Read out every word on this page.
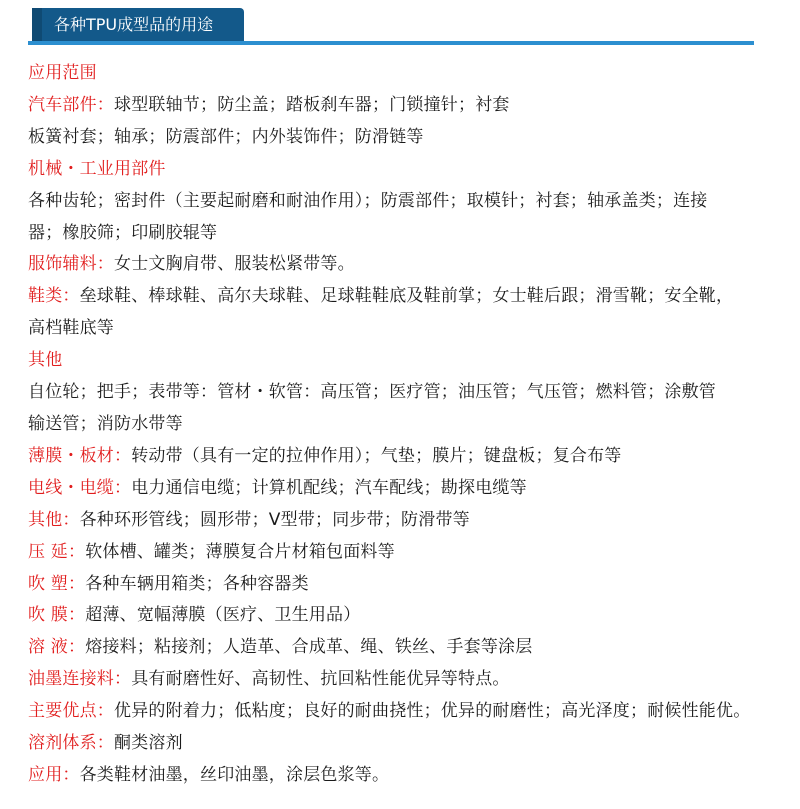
各种TPU成型品的用途
应用范围
汽车部件：球型联轴节；防尘盖；踏板刹车器；门锁撞针；衬套
板簧衬套；轴承；防震部件；内外装饰件；防滑链等
机械・工业用部件
各种齿轮；密封件（主要起耐磨和耐油作用）；防震部件；取模针；衬套；轴承盖类；连接
器；橡胶筛；印刷胶辊等
服饰辅料：女士文胸肩带、服装松紧带等。
鞋类：垒球鞋、棒球鞋、高尔夫球鞋、足球鞋鞋底及鞋前掌；女士鞋后跟；滑雪靴；安全靴，
高档鞋底等
其他
自位轮；把手；表带等：管材・软管：高压管；医疗管；油压管；气压管；燃料管；涂敷管
输送管；消防水带等
薄膜・板材：转动带（具有一定的拉伸作用）；气垫；膜片；键盘板；复合布等
电线・电缆：电力通信电缆；计算机配线；汽车配线；勘探电缆等
其他：各种环形管线；圆形带；V型带；同步带；防滑带等
压 延：软体槽、罐类；薄膜复合片材箱包面料等
吹 塑：各种车辆用箱类；各种容器类
吹 膜：超薄、宽幅薄膜（医疗、卫生用品）
溶 液：熔接料；粘接剂；人造革、合成革、绳、铁丝、手套等涂层
油墨连接料：具有耐磨性好、高韧性、抗回粘性能优异等特点。
主要优点：优异的附着力；低粘度；良好的耐曲挠性；优异的耐磨性；高光泽度；耐候性能优。
溶剂体系：酮类溶剂
应用：各类鞋材油墨，丝印油墨，涂层色浆等。
